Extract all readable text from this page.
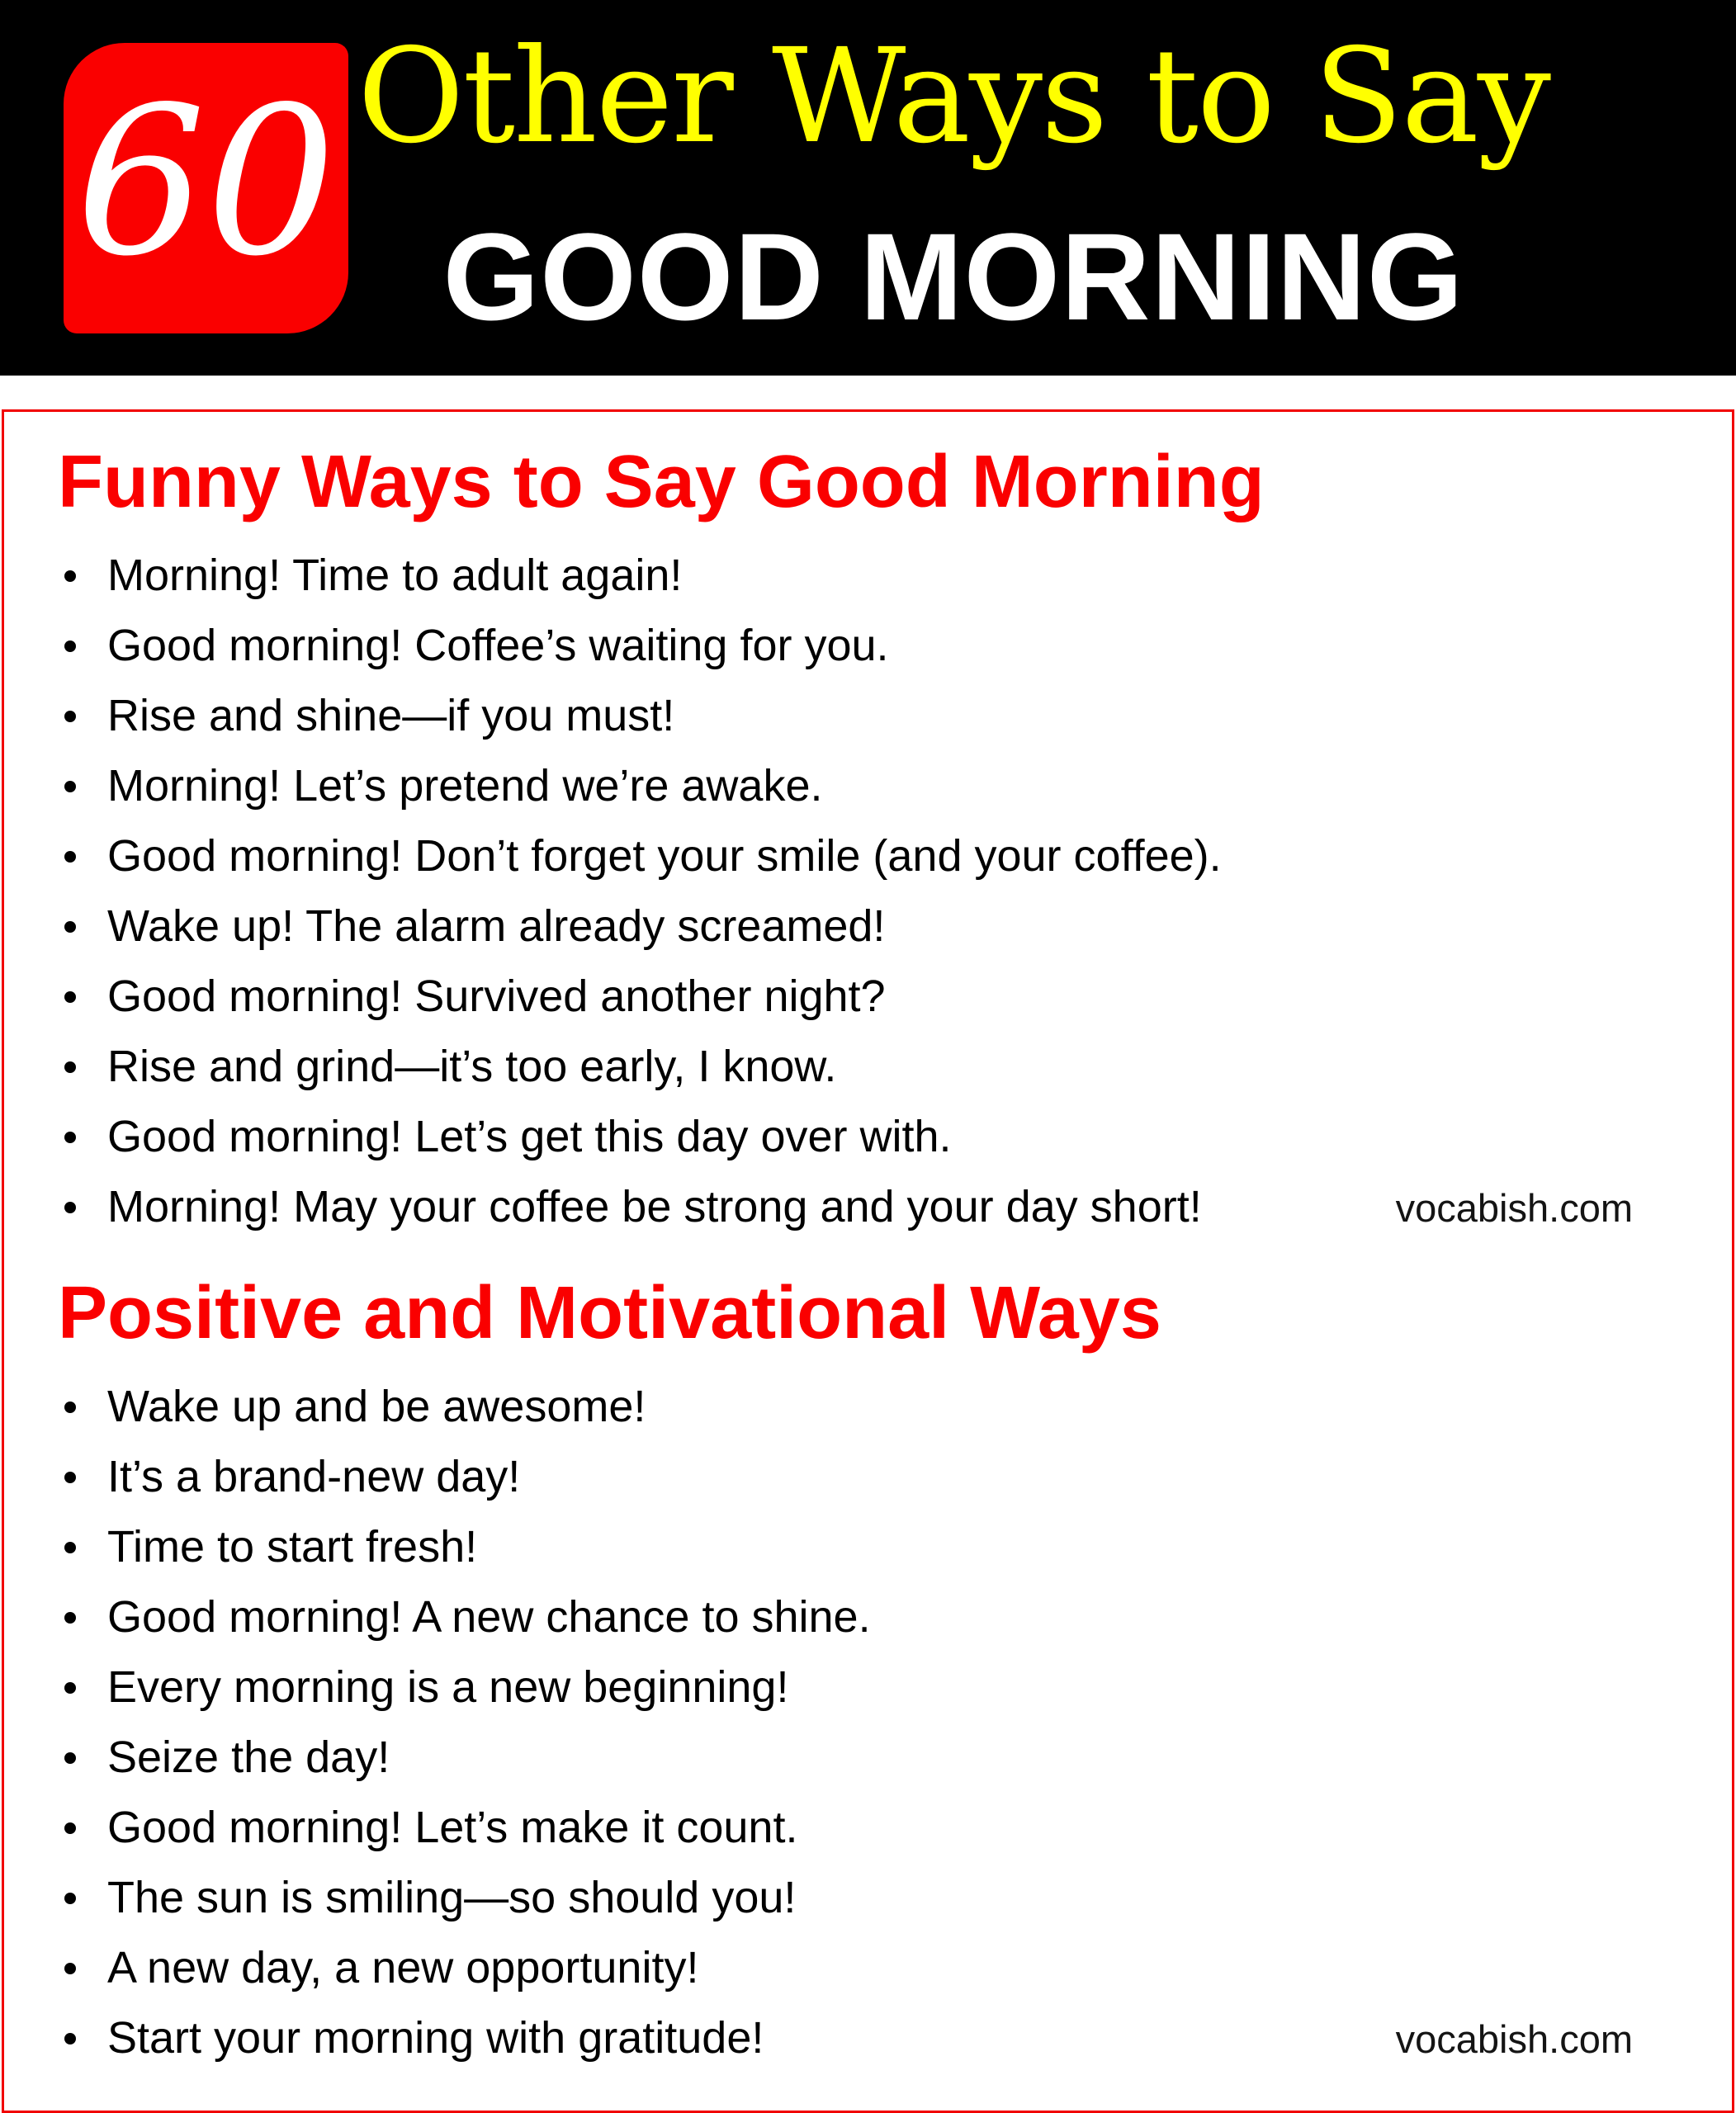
60 Other Ways to Say
GOOD MORNING
Funny Ways to Say Good Morning
Morning! Time to adult again!
Good morning! Coffee’s waiting for you.
Rise and shine—if you must!
Morning! Let’s pretend we’re awake.
Good morning! Don’t forget your smile (and your coffee).
Wake up! The alarm already screamed!
Good morning! Survived another night?
Rise and grind—it’s too early, I know.
Good morning! Let’s get this day over with.
Morning! May your coffee be strong and your day short!	vocabish.com
Positive and Motivational Ways
Wake up and be awesome!
It’s a brand-new day!
Time to start fresh!
Good morning! A new chance to shine.
Every morning is a new beginning!
Seize the day!
Good morning! Let’s make it count.
The sun is smiling—so should you!
A new day, a new opportunity!
Start your morning with gratitude!	vocabish.com
